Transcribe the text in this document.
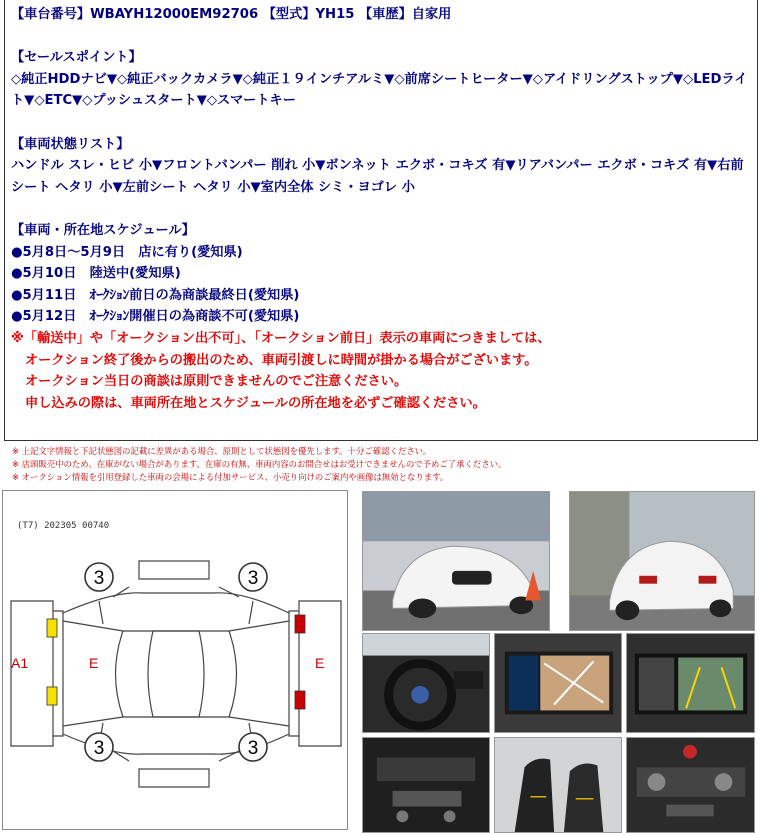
【車台番号】WBAYH12000EM92706 【型式】YH15 【車歴】自家用
【セールスポイント】
◇純正HDDナビ▼◇純正バックカメラ▼◇純正１９インチアルミ▼◇前席シートヒーター▼◇アイドリングストップ▼◇LEDライト▼◇ETC▼◇プッシュスタート▼◇スマートキー
【車両状態リスト】
ハンドル スレ・ヒビ 小▼フロントバンパー 削れ 小▼ボンネット エクボ・コキズ 有▼リアバンパー エクボ・コキズ 有▼右前シート ヘタリ 小▼左前シート ヘタリ 小▼室内全体 シミ・ヨゴレ 小
【車両・所在地スケジュール】
●5月8日～5月9日　店に有り(愛知県)
●5月10日　陸送中(愛知県)
●5月11日　ｵｰｸｼｮﾝ前日の為商談最終日(愛知県)
●5月12日　ｵｰｸｼｮﾝ開催日の為商談不可(愛知県)
※「輸送中」や「オークション出不可」、「オークション前日」表示の車両につきましては、
オークション終了後からの搬出のため、車両引渡しに時間が掛かる場合がございます。
オークション当日の商談は原則できませんのでご注意ください。
申し込みの際は、車両所在地とスケジュールの所在地を必ずご確認ください。
※ 上記文字情報と下記状態図の記載に差異がある場合、原則として状態図を優先します。十分ご確認ください。
※ 店頭販売中のため、在庫がない場合があります。在庫の有無、車両内容のお問合せはお受けできませんので予めご了承ください。
※ オークション情報を引用登録した車両の会場による付加サービス、小売り向けのご案内や画像は無効となります。
(T7) 202305 00740
3	3
3	3
A1	E	E
